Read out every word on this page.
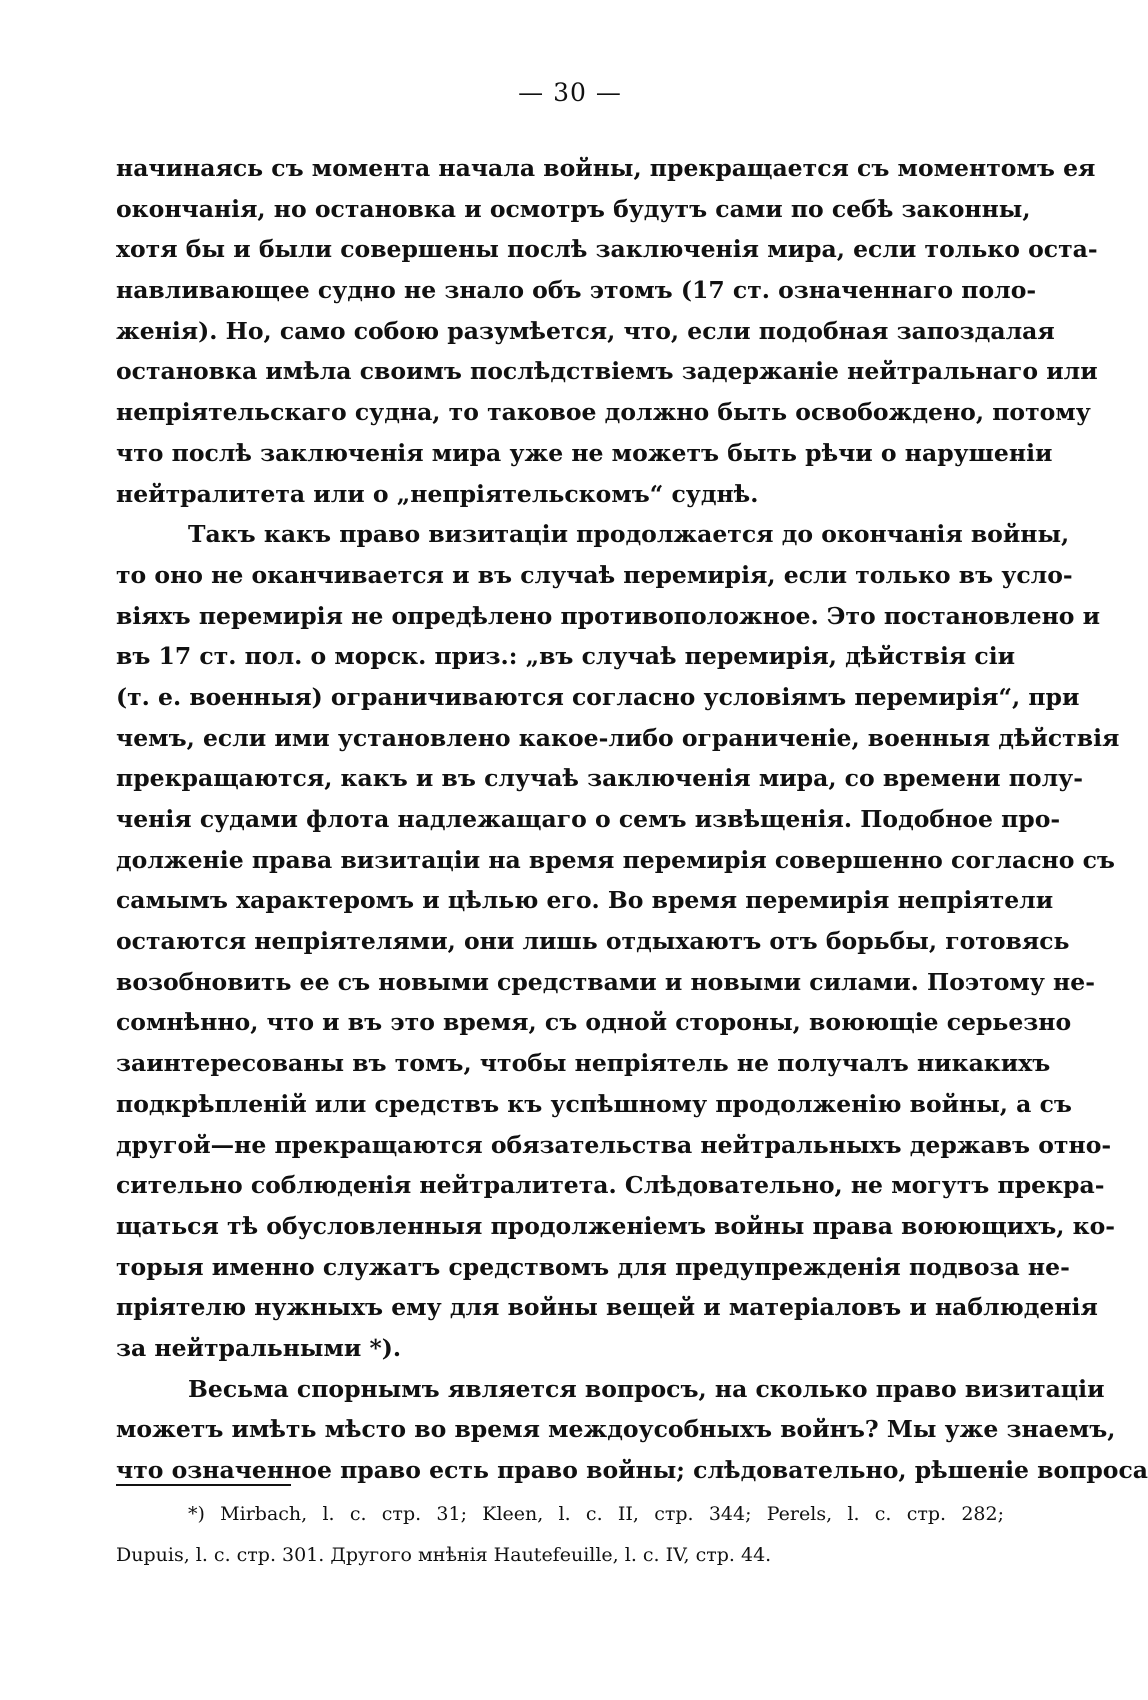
— 30 —
начинаясь съ момента начала войны, прекращается съ моментомъ ея
окончанія, но остановка и осмотръ будутъ сами по себѣ законны,
хотя бы и были совершены послѣ заключенія мира, если только оста-
навливающее судно не знало объ этомъ (17 ст. означеннаго поло-
женія). Но, само собою разумѣется, что, если подобная запоздалая
остановка имѣла своимъ послѣдствіемъ задержаніе нейтральнаго или
непріятельскаго судна, то таковое должно быть освобождено, потому
что послѣ заключенія мира уже не можетъ быть рѣчи о нарушеніи
нейтралитета или о „непріятельскомъ“ суднѣ.
Такъ какъ право визитаціи продолжается до окончанія войны,
то оно не оканчивается и въ случаѣ перемирія, если только въ усло-
віяхъ перемирія не опредѣлено противоположное. Это постановлено и
въ 17 ст. пол. о морск. приз.: „въ случаѣ перемирія, дѣйствія сіи
(т. е. военныя) ограничиваются согласно условіямъ перемирія“, при
чемъ, если ими установлено какое-либо ограниченіе, военныя дѣйствія
прекращаются, какъ и въ случаѣ заключенія мира, со времени полу-
ченія судами флота надлежащаго о семъ извѣщенія. Подобное про-
долженіе права визитаціи на время перемирія совершенно согласно съ
самымъ характеромъ и цѣлью его. Во время перемирія непріятели
остаются непріятелями, они лишь отдыхаютъ отъ борьбы, готовясь
возобновить ее съ новыми средствами и новыми силами. Поэтому не-
сомнѣнно, что и въ это время, съ одной стороны, воюющіе серьезно
заинтересованы въ томъ, чтобы непріятель не получалъ никакихъ
подкрѣпленій или средствъ къ успѣшному продолженію войны, а съ
другой—не прекращаются обязательства нейтральныхъ державъ отно-
сительно соблюденія нейтралитета. Слѣдовательно, не могутъ прекра-
щаться тѣ обусловленныя продолженіемъ войны права воюющихъ, ко-
торыя именно служатъ средствомъ для предупрежденія подвоза не-
пріятелю нужныхъ ему для войны вещей и матеріаловъ и наблюденія
за нейтральными *).
Весьма спорнымъ является вопросъ, на сколько право визитаціи
можетъ имѣть мѣсто во время междоусобныхъ войнъ? Мы уже знаемъ,
что означенное право есть право войны; слѣдовательно, рѣшеніе вопроса
*) Mirbach, l. c. стр. 31; Kleen, l. c. II, стр. 344; Perels, l. c. стр. 282;
Dupuis, l. c. стр. 301. Другого мнѣнія Hautefeuille, l. c. IV, стр. 44.
